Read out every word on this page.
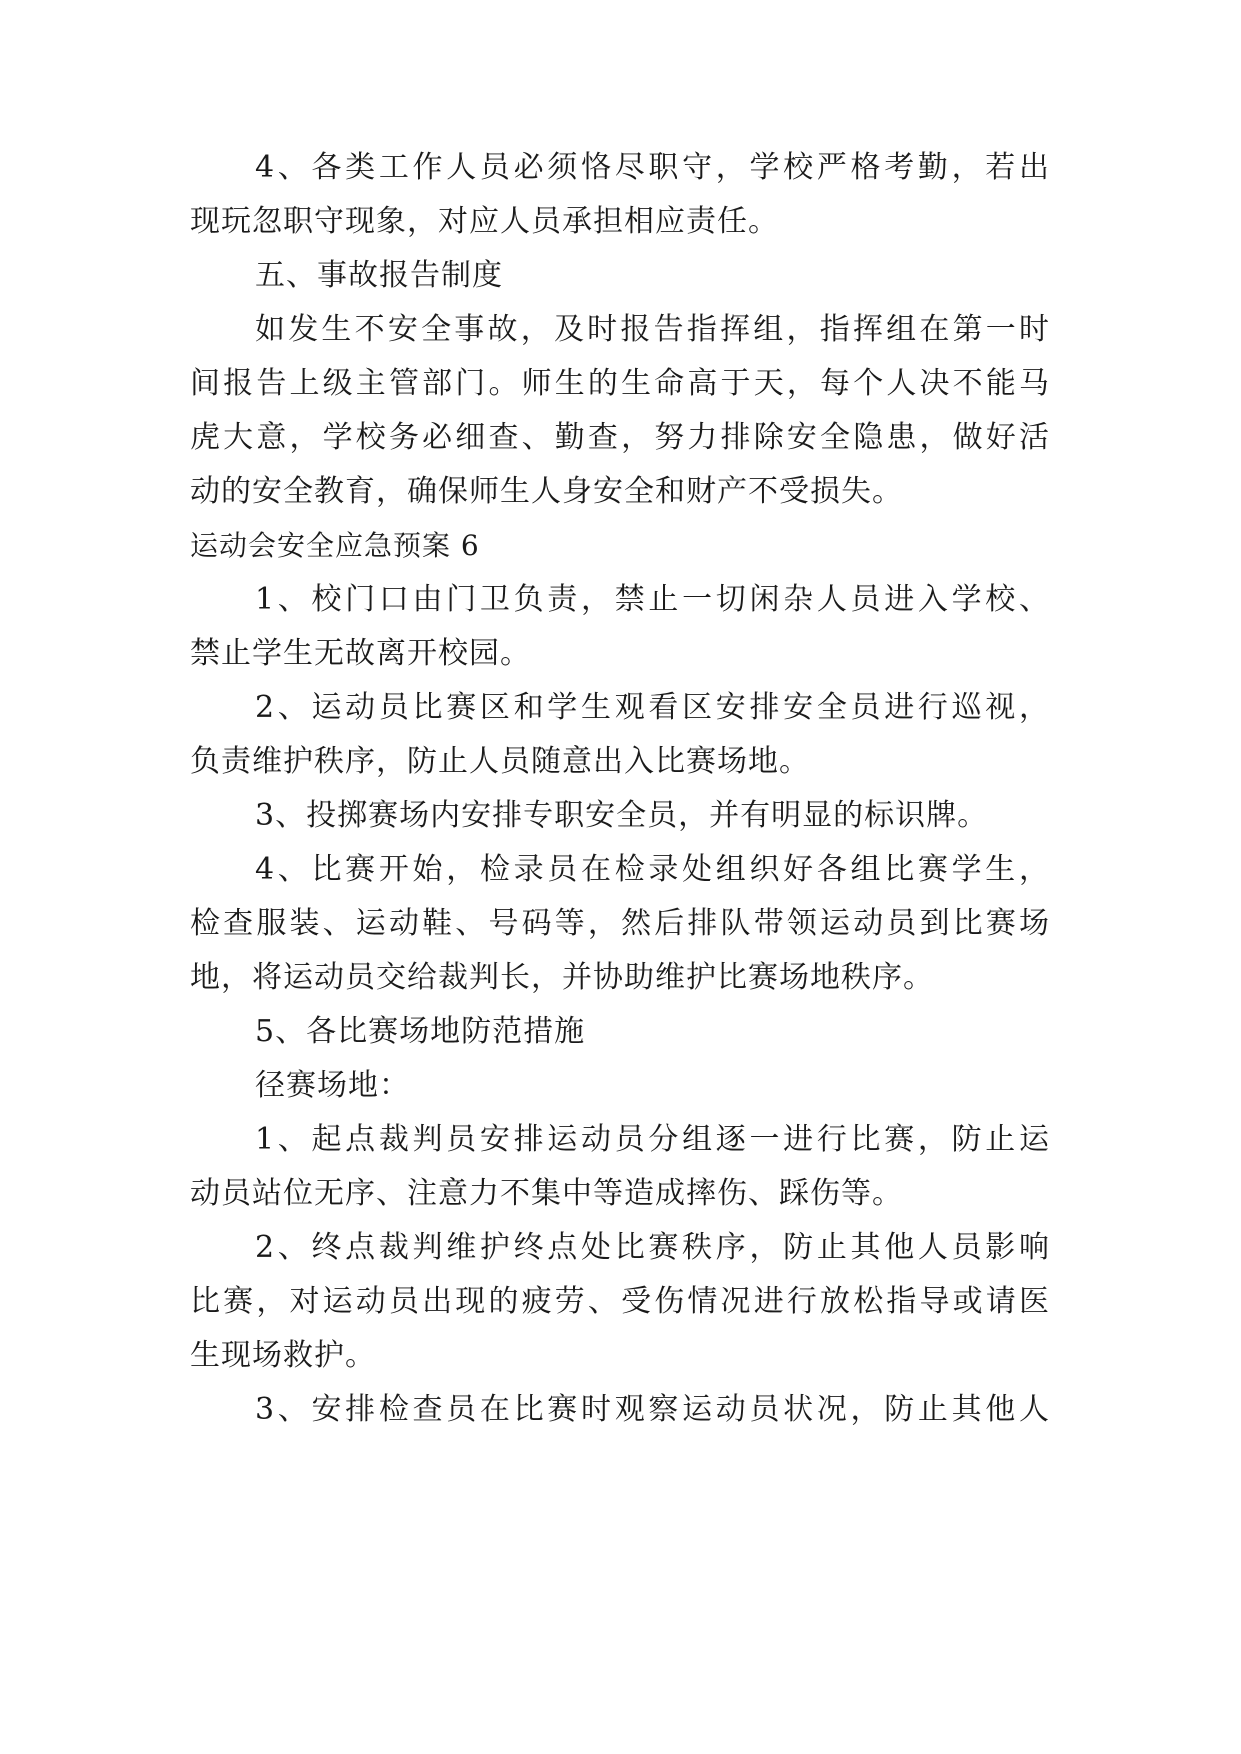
4、各类工作人员必须恪尽职守，学校严格考勤，若出
现玩忽职守现象，对应人员承担相应责任。
五、事故报告制度
如发生不安全事故，及时报告指挥组，指挥组在第一时
间报告上级主管部门。师生的生命高于天，每个人决不能马
虎大意，学校务必细查、勤查，努力排除安全隐患，做好活
动的安全教育，确保师生人身安全和财产不受损失。
运动会安全应急预案 6
1、校门口由门卫负责，禁止一切闲杂人员进入学校、
禁止学生无故离开校园。
2、运动员比赛区和学生观看区安排安全员进行巡视，
负责维护秩序，防止人员随意出入比赛场地。
3、投掷赛场内安排专职安全员，并有明显的标识牌。
4、比赛开始，检录员在检录处组织好各组比赛学生，
检查服装、运动鞋、号码等，然后排队带领运动员到比赛场
地，将运动员交给裁判长，并协助维护比赛场地秩序。
5、各比赛场地防范措施
径赛场地：
1、起点裁判员安排运动员分组逐一进行比赛，防止运
动员站位无序、注意力不集中等造成摔伤、踩伤等。
2、终点裁判维护终点处比赛秩序，防止其他人员影响
比赛，对运动员出现的疲劳、受伤情况进行放松指导或请医
生现场救护。
3、安排检查员在比赛时观察运动员状况，防止其他人
